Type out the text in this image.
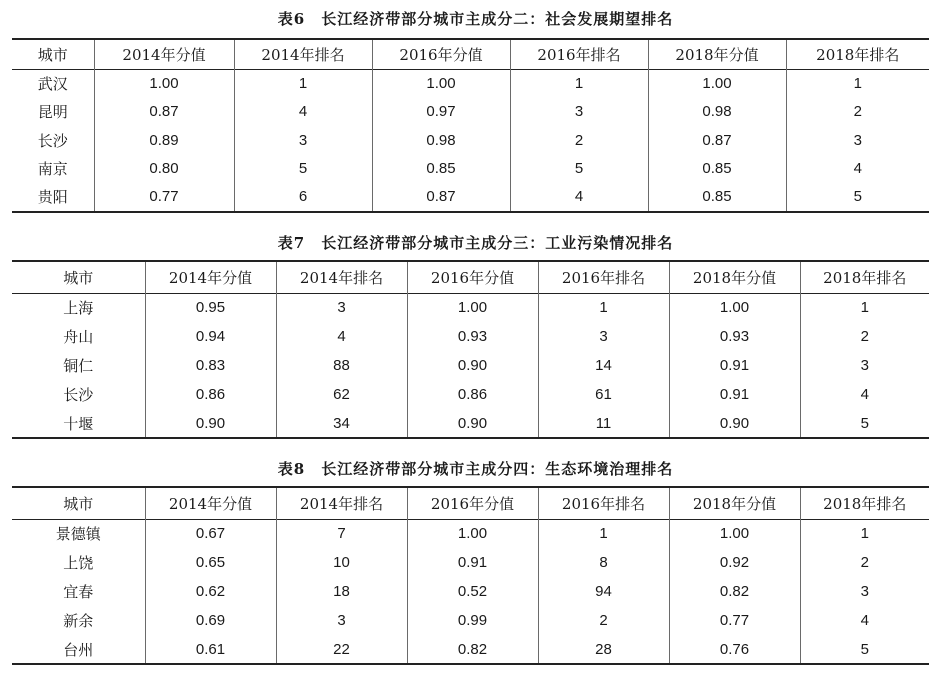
表6　长江经济带部分城市主成分二：社会发展期望排名
城市	2014年分值	2014年排名	2016年分值	2016年排名	2018年分值	2018年排名
武汉	1.00	1	1.00	1	1.00	1
昆明	0.87	4	0.97	3	0.98	2
长沙	0.89	3	0.98	2	0.87	3
南京	0.80	5	0.85	5	0.85	4
贵阳	0.77	6	0.87	4	0.85	5
表7　长江经济带部分城市主成分三：工业污染情况排名
城市	2014年分值	2014年排名	2016年分值	2016年排名	2018年分值	2018年排名
上海	0.95	3	1.00	1	1.00	1
舟山	0.94	4	0.93	3	0.93	2
铜仁	0.83	88	0.90	14	0.91	3
长沙	0.86	62	0.86	61	0.91	4
十堰	0.90	34	0.90	11	0.90	5
表8　长江经济带部分城市主成分四：生态环境治理排名
城市	2014年分值	2014年排名	2016年分值	2016年排名	2018年分值	2018年排名
景德镇	0.67	7	1.00	1	1.00	1
上饶	0.65	10	0.91	8	0.92	2
宜春	0.62	18	0.52	94	0.82	3
新余	0.69	3	0.99	2	0.77	4
台州	0.61	22	0.82	28	0.76	5
